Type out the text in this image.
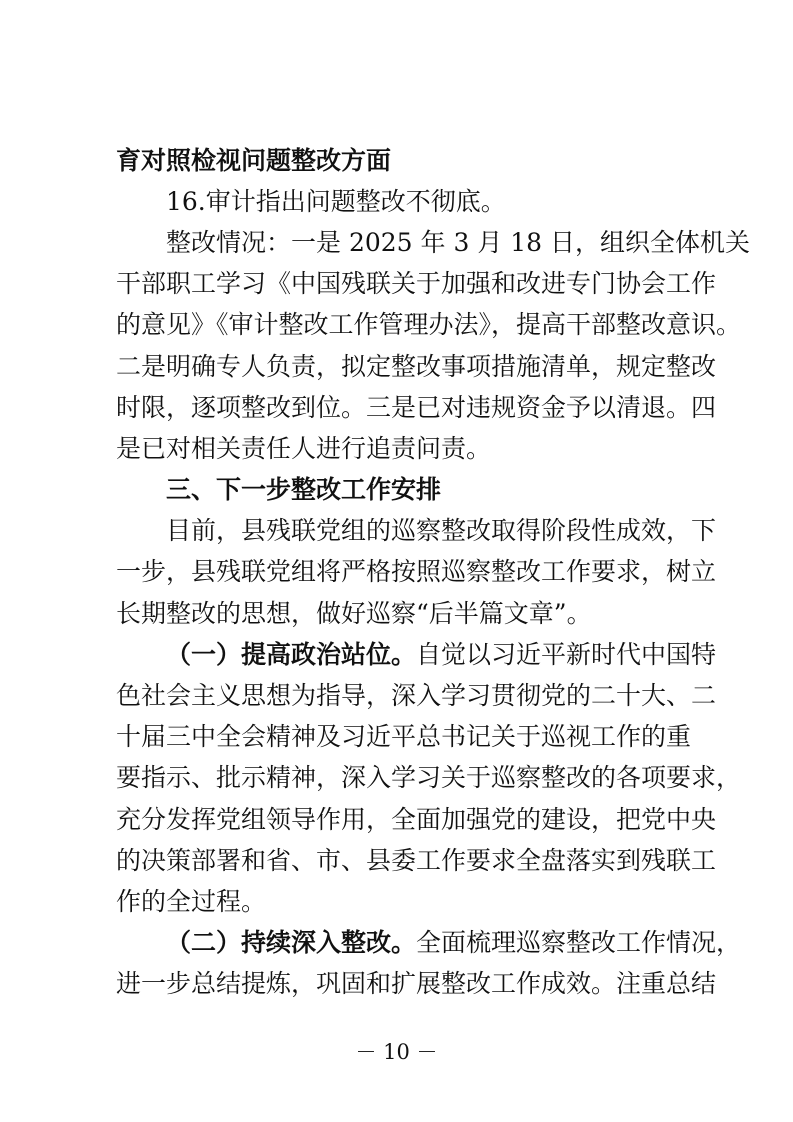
育对照检视问题整改方面
16.审计指出问题整改不彻底。
整改情况：一是 2025 年 3 月 18 日，组织全体机关
干部职工学习《中国残联关于加强和改进专门协会工作
的意见》《审计整改工作管理办法》，提高干部整改意识。
二是明确专人负责，拟定整改事项措施清单，规定整改
时限，逐项整改到位。三是已对违规资金予以清退。四
是已对相关责任人进行追责问责。
三、下一步整改工作安排
目前，县残联党组的巡察整改取得阶段性成效，下
一步，县残联党组将严格按照巡察整改工作要求，树立
长期整改的思想，做好巡察“后半篇文章”。
（一）提高政治站位。自觉以习近平新时代中国特
色社会主义思想为指导，深入学习贯彻党的二十大、二
十届三中全会精神及习近平总书记关于巡视工作的重
要指示、批示精神，深入学习关于巡察整改的各项要求，
充分发挥党组领导作用，全面加强党的建设，把党中央
的决策部署和省、市、县委工作要求全盘落实到残联工
作的全过程。
（二）持续深入整改。全面梳理巡察整改工作情况，
进一步总结提炼，巩固和扩展整改工作成效。注重总结
－ 10 －
